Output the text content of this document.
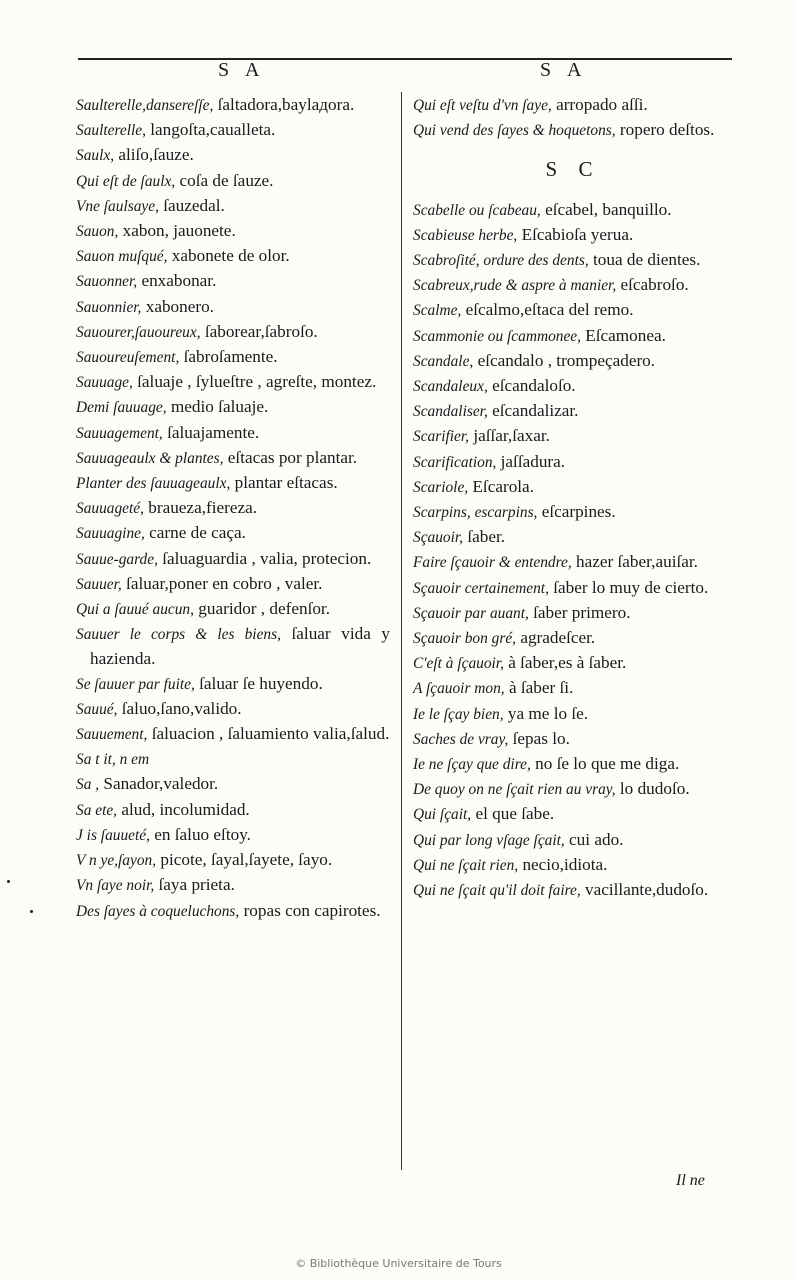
S A	S A
Saulterelle,dansereſſe, ſaltadora,baylадora.
Saulterelle, langoſta,caualleta.
Saulx, aliſo,ſauze.
Qui eſt de ſaulx, coſa de ſauze.
Vne ſaulsaye, ſauzedal.
Sauon, xabon, jauonete.
Sauon muſqué, xabonete de olor.
Sauonner, enxabonar.
Sauonnier, xabonero.
Sauourer,ſauoureux, ſaborear,ſabroſo.
Sauoureuſement, ſabroſamente.
Sauuage, ſaluaje , ſylueſtre , agreſte, montez.
Demi ſauuage, medio ſaluaje.
Sauuagement, ſaluajamente.
Sauuageaulx & plantes, eſtacas por plantar.
Planter des ſauuageaulx, plantar eſtacas.
Sauuageté, braueza,fiereza.
Sauuagine, carne de caça.
Sauue-garde, ſaluaguardia , valia, protecion.
Sauuer, ſaluar,poner en cobro , valer.
Qui a ſauué aucun, guaridor , defenſor.
Sauuer le corps & les biens, ſaluar vida y hazienda.
Se ſauuer par fuite, ſaluar ſe huyendo.
Sauué, ſaluo,ſano,valido.
Sauuement, ſaluacion , ſaluamiento valia,ſalud.
Sa t it, n em
Sa , Sanador,valedor.
Sa ete, alud, incolumidad.
J is ſauueté, en ſaluo eſtoy.
V n ye,ſayon, picote, ſayal,ſayete, ſayo.
Vn ſaye noir, ſaya prieta.
Des ſayes à coqueluchons, ropas con capirotes.
Qui eſt veſtu d'vn ſaye, arropado aſſi.
Qui vend des ſayes & hoquetons, ropero deſtos.
S C
Scabelle ou ſcabeau, eſcabel, banquillo.
Scabieuse herbe, Eſcabioſa yerua.
Scabroſité, ordure des dents, toua de dientes.
Scabreux,rude & aspre à manier, eſcabroſo.
Scalme, eſcalmo,eſtaca del remo.
Scammonie ou ſcammonee, Eſcamonea.
Scandale, eſcandalo , trompeçadero.
Scandaleux, eſcandaloſo.
Scandaliser, eſcandalizar.
Scarifier, jaſſar,ſaxar.
Scarification, jaſſadura.
Scariole, Eſcarola.
Scarpins, escarpins, eſcarpines.
Sçauoir, ſaber.
Faire ſçauoir & entendre, hazer ſaber,auiſar.
Sçauoir certainement, ſaber lo muy de cierto.
Sçauoir par auant, ſaber primero.
Sçauoir bon gré, agradeſcer.
C'eſt à ſçauoir, à ſaber,es à ſaber.
A ſçauoir mon, à ſaber ſi.
Ie le ſçay bien, ya me lo ſe.
Saches de vray, ſepas lo.
Ie ne ſçay que dire, no ſe lo que me diga.
De quoy on ne ſçait rien au vray, lo dudoſo.
Qui ſçait, el que ſabe.
Qui par long vſage ſçait, cui ado.
Qui ne ſçait rien, necio,idiota.
Qui ne ſçait qu'il doit faire, vacillante,dudoſo.
Il ne
© Bibliothèque Universitaire de Tours
